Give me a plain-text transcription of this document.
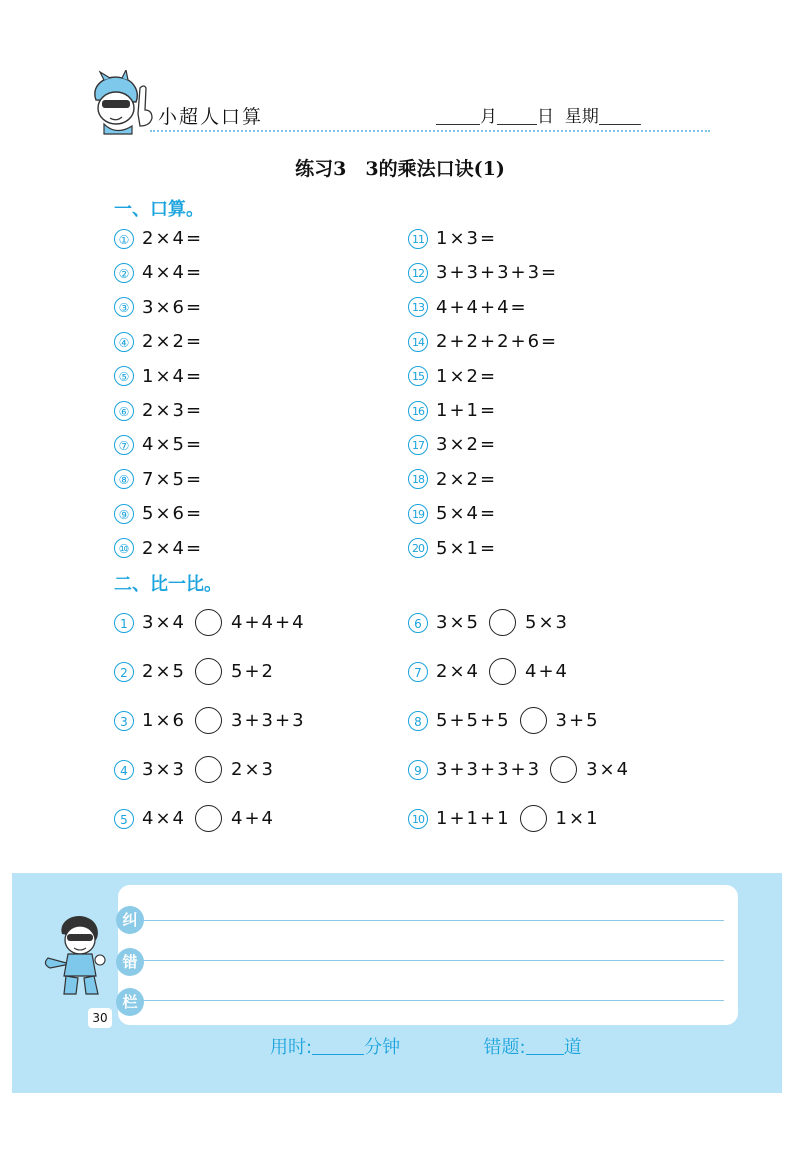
小超人口算	月 日 星期
练习3　3的乘法口诀(1)
一、口算。
① 2×4=
② 4×4=
③ 3×6=
④ 2×2=
⑤ 1×4=
⑥ 2×3=
⑦ 4×5=
⑧ 7×5=
⑨ 5×6=
⑩ 2×4=
11 1×3=
12 3+3+3+3=
13 4+4+4=
14 2+2+2+6=
15 1×2=
16 1+1=
17 3×2=
18 2×2=
19 5×4=
20 5×1=
二、比一比。
1 3×4	4+4+4
2 2×5	5+2
3 1×6	3+3+3
4 3×3	2×3
5 4×4	4+4
6 3×5	5×3
7 2×4	4+4
8 5+5+5	3+5
9 3+3+3+3	3×4
10 1+1+1	1×1
纠
错
栏
30
用时:	分钟	错题: 道
